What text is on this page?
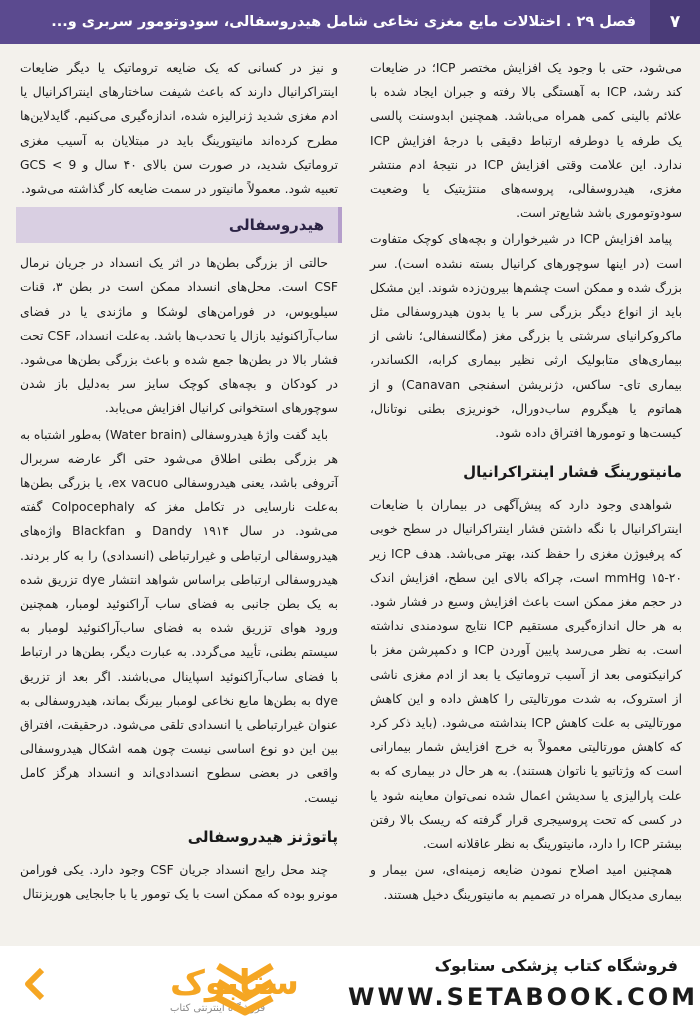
۷
فصل ۲۹ . اختلالات مایع مغزی نخاعی شامل هیدروسفالی، سودوتومور سربری و...

می‌شود، حتی با وجود یک افزایش مختصر ICP؛ در ضایعات کند رشد، ICP به آهستگی بالا رفته و جبران ایجاد شده با علائم بالینی کمی همراه می‌باشد. همچنین ابدوسنت پالسی یک طرفه یا دوطرفه ارتباط دقیقی با درجهٔ افزایش ICP ندارد. این علامت وقتی افزایش ICP در نتیجهٔ ادم منتشر مغزی، هیدروسفالی، پروسه‌های منتژیتیک یا وضعیت سودوتوموری باشد شایع‌تر است.

پیامد افزایش ICP در شیرخواران و بچه‌های کوچک متفاوت است (در اینها سوچورهای کرانیال بسته نشده است). سر بزرگ شده و ممکن است چشم‌ها بیرون‌زده شوند. این مشکل باید از انواع دیگر بزرگی سر با یا بدون هیدروسفالی مثل ماکروکرانیای سرشتی یا بزرگی مغز (مگالنسفالی؛ ناشی از بیماری‌های متابولیک ارثی نظیر بیماری کرابه، الکساندر، بیماری تای- ساکس، دژنریشن اسفنجی Canavan) و از هماتوم یا هیگروم ساب‌دورال، خونریزی بطنی نوتانال، کیست‌ها و تومورها افتراق داده شود.

مانیتورینگ فشار اینتراکرانیال

شواهدی وجود دارد که پیش‌آگهی در بیماران با ضایعات اینتراکرانیال با نگه داشتن فشار اینتراکرانیال در سطح خوبی که پرفیوژن مغزی را حفظ کند، بهتر می‌باشد. هدف ICP زیر ۲۰-۱۵ mmHg است، چراکه بالای این سطح، افزایش اندک در حجم مغز ممکن است باعث افزایش وسیع در فشار شود. به هر حال اندازه‌گیری مستقیم ICP نتایج سودمندی نداشته است. به نظر می‌رسد پایین آوردن ICP و دکمپرشن مغز با کرانیکتومی بعد از آسیب تروماتیک یا بعد از ادم مغزی ناشی از استروک، به شدت مورتالیتی را کاهش داده و این کاهش مورتالیتی به علت کاهش ICP بنداشته می‌شود. (باید ذکر کرد که کاهش مورتالیتی معمولاً به خرج افزایش شمار بیمارانی است که وژتاتیو یا ناتوان هستند). به هر حال در بیماری که به علت پارالیزی یا سدیشن اعمال شده نمی‌توان معاینه شود یا در کسی که تحت پروسیجری قرار گرفته که ریسک بالا رفتن بیشتر ICP را دارد، مانیتورینگ به نظر عاقلانه است.

همچنین امید اصلاح نمودن ضایعه زمینه‌ای، سن بیمار و بیماری مدیکال همراه در تصمیم به مانیتورینگ دخیل هستند.

و نیز در کسانی که یک ضایعه تروماتیک یا دیگر ضایعات اینتراکرانیال دارند که باعث شیفت ساختارهای اینتراکرانیال یا ادم مغزی شدید ژنرالیزه شده، اندازه‌گیری می‌کنیم. گایدلاین‌ها مطرح کرده‌اند مانیتورینگ باید در مبتلایان به آسیب مغزی تروماتیک شدید، در صورت سن بالای ۴۰ سال و GCS < 9 تعبیه شود. معمولاً مانیتور در سمت ضایعه کار گذاشته می‌شود.

هیدروسفالی

حالتی از بزرگی بطن‌ها در اثر یک انسداد در جریان نرمال CSF است. محل‌های انسداد ممکن است در بطن ۳، قنات سیلویوس، در فورامن‌های لوشکا و ماژندی یا در فضای ساب‌آراکنوئید بازال یا تحدب‌ها باشد. به‌علت انسداد، CSF تحت فشار بالا در بطن‌ها جمع شده و باعث بزرگی بطن‌ها می‌شود. در کودکان و بچه‌های کوچک سایز سر به‌دلیل باز شدن سوچورهای استخوانی کرانیال افزایش می‌یابد.

باید گفت واژهٔ هیدروسفالی (Water brain) به‌طور اشتباه به هر بزرگی بطنی اطلاق می‌شود حتی اگر عارضه سربرال آتروفی باشد، یعنی هیدروسفالی ex vacuo، یا بزرگی بطن‌ها به‌علت نارسایی در تکامل مغز که Colpocephaly گفته می‌شود. در سال ۱۹۱۴ Dandy و Blackfan واژه‌های هیدروسفالی ارتباطی و غیرارتباطی (انسدادی) را به کار بردند. هیدروسفالی ارتباطی براساس شواهد انتشار dye تزریق شده به یک بطن جانبی به فضای ساب آراکنوئید لومبار، همچنین ورود هوای تزریق شده به فضای ساب‌آراکنوئید لومبار به سیستم بطنی، تأیید می‌گردد. به عبارت دیگر، بطن‌ها در ارتباط با فضای ساب‌آراکنوئید اسپاینال می‌باشند. اگر بعد از تزریق dye به بطن‌ها مایع نخاعی لومبار بیرنگ بماند، هیدروسفالی به عنوان غیرارتباطی یا انسدادی تلقی می‌شود. درحقیقت، افتراق بین این دو نوع اساسی نیست چون همه اشکال هیدروسفالی واقعی در بعضی سطوح انسدادی‌اند و انسداد هرگز کامل نیست.

پاتوژنز هیدروسفالی

چند محل رایج انسداد جریان CSF وجود دارد. یکی فورامن مونرو بوده که ممکن است با یک تومور یا با جابجایی هوریزنتال

ستابوک
فروشگاه اینترنتی کتاب
فروشگاه کتاب پزشکی ستابوک
WWW.SETABOOK.COM
